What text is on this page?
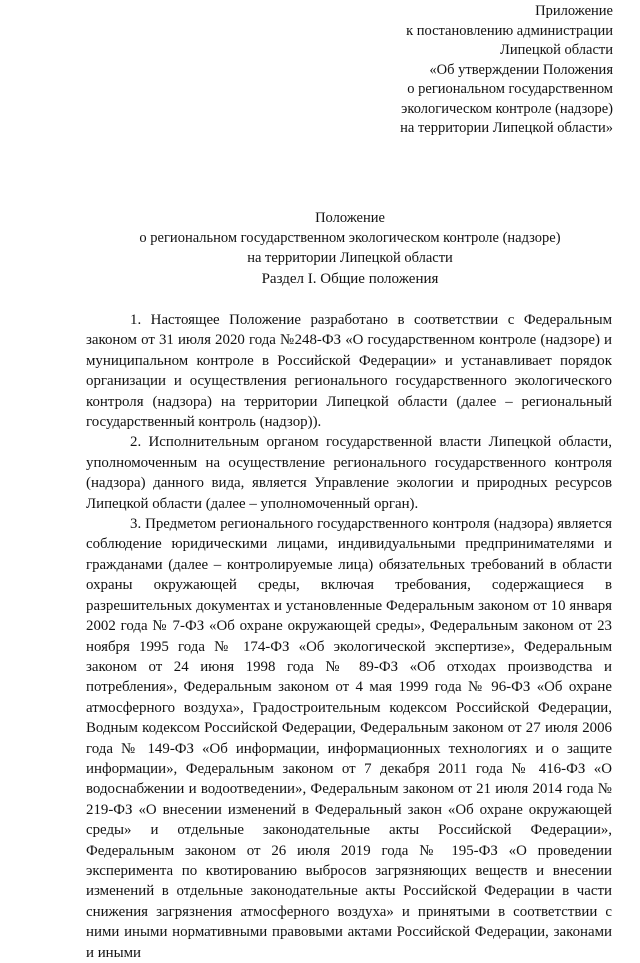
Приложение
к постановлению администрации
Липецкой области
«Об утверждении Положения
о региональном государственном
экологическом контроле (надзоре)
на территории Липецкой области»
Положение
о региональном государственном экологическом контроле (надзоре)
на территории Липецкой области
Раздел I. Общие положения

1. Настоящее Положение разработано в соответствии с Федеральным законом от 31 июля 2020 года №248-ФЗ «О государственном контроле (надзоре) и муниципальном контроле в Российской Федерации» и устанавливает порядок организации и осуществления регионального государственного экологического контроля (надзора) на территории Липецкой области (далее – региональный государственный контроль (надзор)).

2. Исполнительным органом государственной власти Липецкой области, уполномоченным на осуществление регионального государственного контроля (надзора) данного вида, является Управление экологии и природных ресурсов Липецкой области (далее – уполномоченный орган).

3. Предметом регионального государственного контроля (надзора) является соблюдение юридическими лицами, индивидуальными предпринимателями и гражданами (далее – контролируемые лица) обязательных требований в области охраны окружающей среды, включая требования, содержащиеся в разрешительных документах и установленные Федеральным законом от 10 января 2002 года № 7-ФЗ «Об охране окружающей среды», Федеральным законом от 23 ноября 1995 года № 174-ФЗ «Об экологической экспертизе», Федеральным законом от 24 июня 1998 года № 89-ФЗ «Об отходах производства и потребления», Федеральным законом от 4 мая 1999 года № 96-ФЗ «Об охране атмосферного воздуха», Градостроительным кодексом Российской Федерации, Водным кодексом Российской Федерации, Федеральным законом от 27 июля 2006 года № 149-ФЗ «Об информации, информационных технологиях и о защите информации», Федеральным законом от 7 декабря 2011 года № 416-ФЗ «О водоснабжении и водоотведении», Федеральным законом от 21 июля 2014 года № 219-ФЗ «О внесении изменений в Федеральный закон «Об охране окружающей среды» и отдельные законодательные акты Российской Федерации», Федеральным законом от 26 июля 2019 года № 195-ФЗ «О проведении эксперимента по квотированию выбросов загрязняющих веществ и внесении изменений в отдельные законодательные акты Российской Федерации в части снижения загрязнения атмосферного воздуха» и принятыми в соответствии с ними иными нормативными правовыми актами Российской Федерации, законами и иными
